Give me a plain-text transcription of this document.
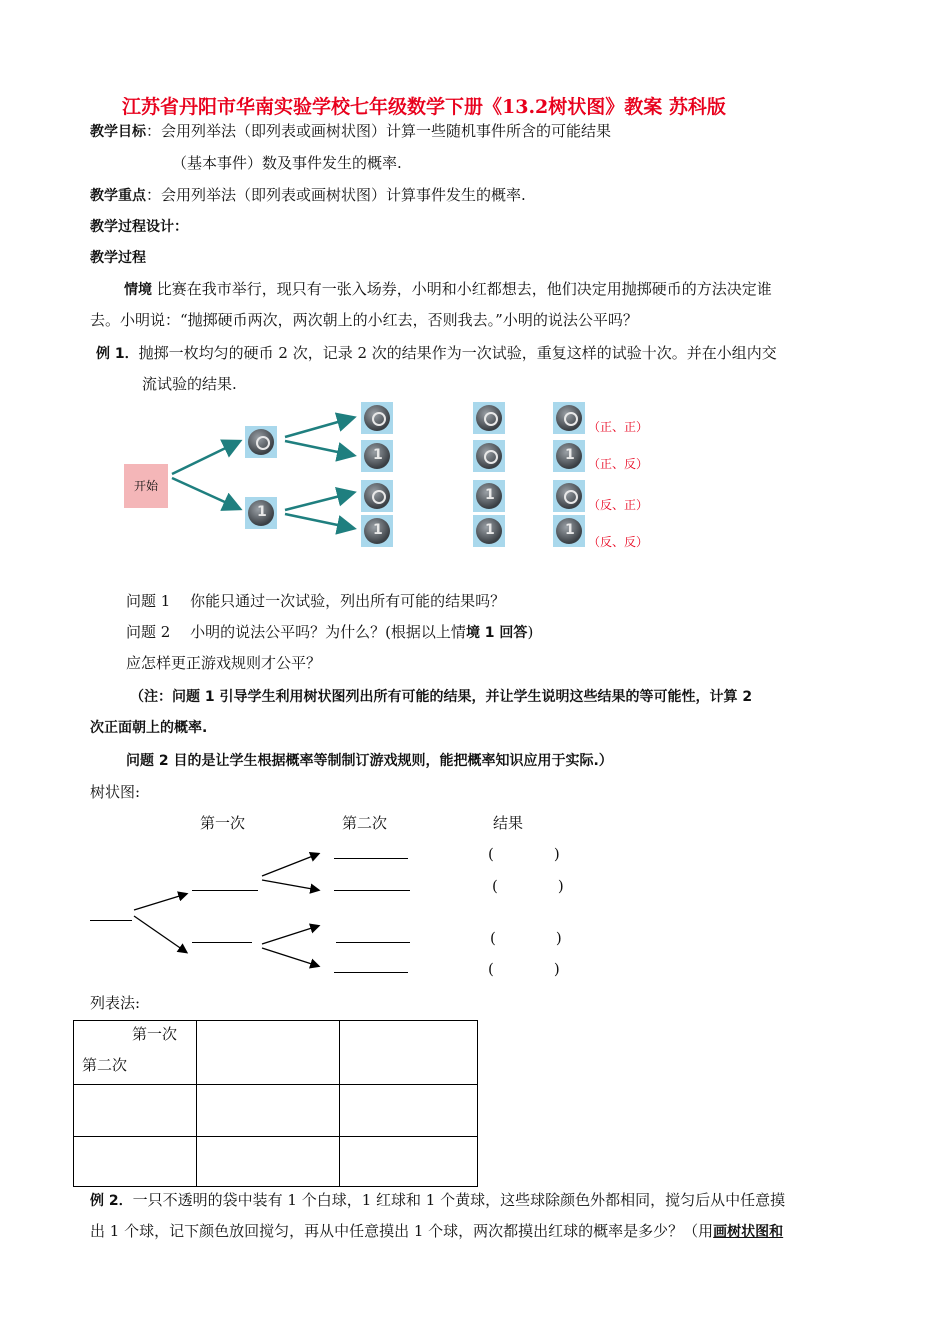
江苏省丹阳市华南实验学校七年级数学下册《13.2树状图》教案 苏科版
教学目标：会用列举法（即列表或画树状图）计算一些随机事件所含的可能结果
（基本事件）数及事件发生的概率.
教学重点：会用列举法（即列表或画树状图）计算事件发生的概率.
教学过程设计：
教学过程
情境 比赛在我市举行，现只有一张入场券，小明和小红都想去，他们决定用抛掷硬币的方法决定谁
去。小明说：“抛掷硬币两次，两次朝上的小红去，否则我去。”小明的说法公平吗？
例 1．抛掷一枚均匀的硬币 2 次，记录 2 次的结果作为一次试验，重复这样的试验十次。并在小组内交
流试验的结果.
开始
1
1
1
1
1
1
1
（正、正）
（正、反）
（反、正）
（反、反）
问题 1　 你能只通过一次试验，列出所有可能的结果吗？
问题 2　 小明的说法公平吗？为什么？(根据以上情境 1 回答)
应怎样更正游戏规则才公平？
（注：问题 1 引导学生利用树状图列出所有可能的结果，并让学生说明这些结果的等可能性，计算 2
次正面朝上的概率.
问题 2 目的是让学生根据概率等制制订游戏规则，能把概率知识应用于实际.）
树状图:
第一次	第二次	结果
(　　　　)
(　　　　)
(　　　　)
(　　　　)
列表法:
第一次
第二次		

例 2．一只不透明的袋中装有 1 个白球，1 红球和 1 个黄球，这些球除颜色外都相同，搅匀后从中任意摸
出 1 个球，记下颜色放回搅匀，再从中任意摸出 1 个球，两次都摸出红球的概率是多少？（用画树状图和
